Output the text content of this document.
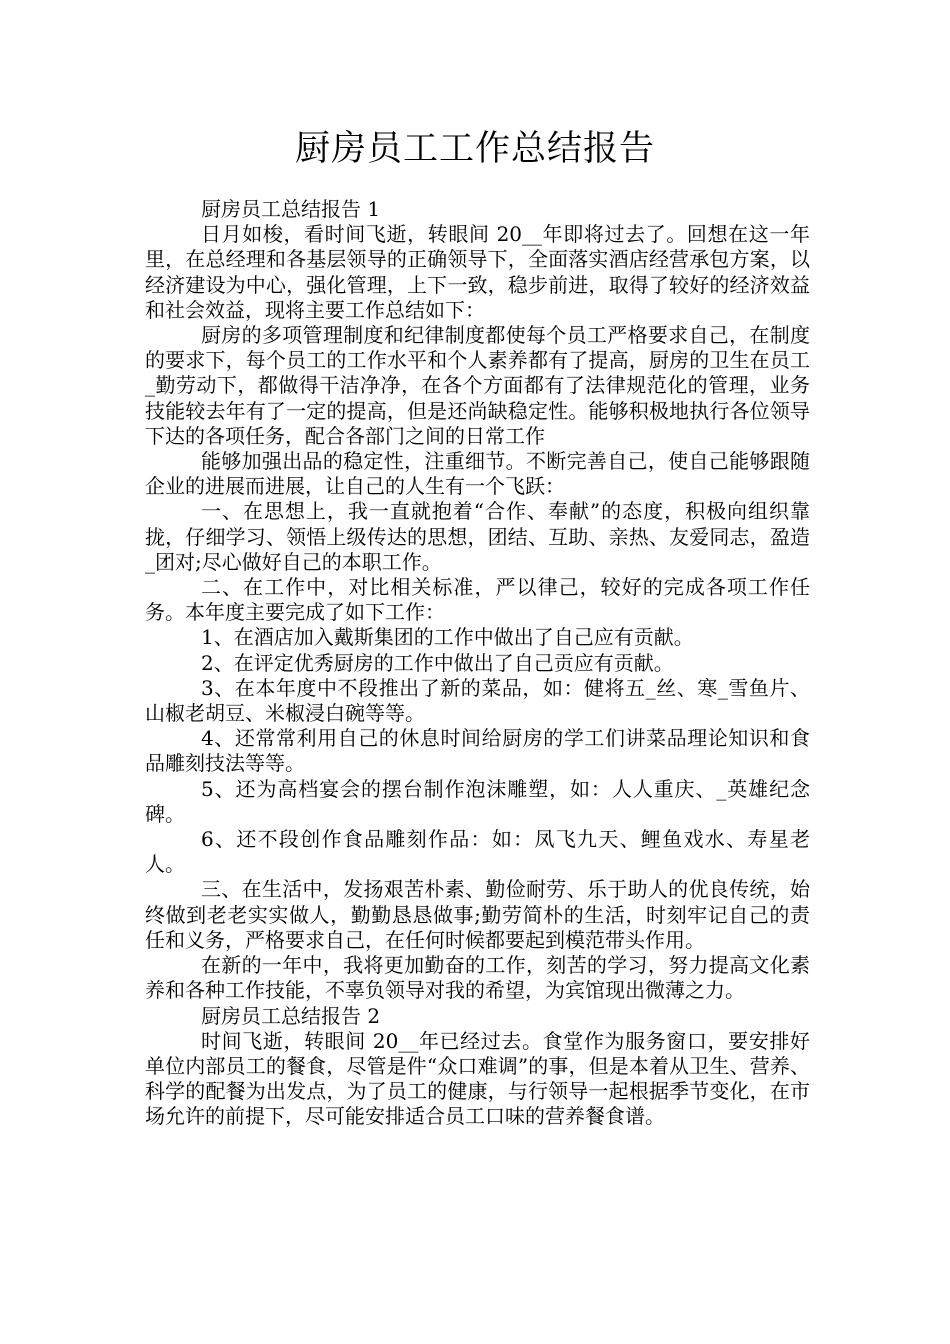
厨房员工工作总结报告
厨房员工总结报告 1

日月如梭，看时间飞逝，转眼间 20__年即将过去了。回想在这一年里，在总经理和各基层领导的正确领导下，全面落实酒店经营承包方案，以经济建设为中心，强化管理，上下一致，稳步前进，取得了较好的经济效益和社会效益，现将主要工作总结如下：

厨房的多项管理制度和纪律制度都使每个员工严格要求自己，在制度的要求下，每个员工的工作水平和个人素养都有了提高，厨房的卫生在员工_勤劳动下，都做得干洁净净，在各个方面都有了法律规范化的管理，业务技能较去年有了一定的提高，但是还尚缺稳定性。能够积极地执行各位领导下达的各项任务，配合各部门之间的日常工作

能够加强出品的稳定性，注重细节。不断完善自己，使自己能够跟随企业的进展而进展，让自己的人生有一个飞跃：

一、在思想上，我一直就抱着“合作、奉献”的态度，积极向组织靠拢，仔细学习、领悟上级传达的思想，团结、互助、亲热、友爱同志，盈造_团对;尽心做好自己的本职工作。

二、在工作中，对比相关标准，严以律己，较好的完成各项工作任务。本年度主要完成了如下工作：

1、在酒店加入戴斯集团的工作中做出了自己应有贡献。

2、在评定优秀厨房的工作中做出了自己贡应有贡献。

3、在本年度中不段推出了新的菜品，如：健将五_丝、寒_雪鱼片、山椒老胡豆、米椒浸白碗等等。

4、还常常利用自己的休息时间给厨房的学工们讲菜品理论知识和食品雕刻技法等等。

5、还为高档宴会的摆台制作泡沫雕塑，如：人人重庆、_英雄纪念碑。

6、还不段创作食品雕刻作品：如：凤飞九天、鲤鱼戏水、寿星老人。

三、在生活中，发扬艰苦朴素、勤俭耐劳、乐于助人的优良传统，始终做到老老实实做人，勤勤恳恳做事;勤劳简朴的生活，时刻牢记自己的责任和义务，严格要求自己，在任何时候都要起到模范带头作用。

在新的一年中，我将更加勤奋的工作，刻苦的学习，努力提高文化素养和各种工作技能，不辜负领导对我的希望，为宾馆现出微薄之力。

厨房员工总结报告 2

时间飞逝，转眼间 20__年已经过去。食堂作为服务窗口，要安排好单位内部员工的餐食，尽管是件“众口难调”的事，但是本着从卫生、营养、科学的配餐为出发点，为了员工的健康，与行领导一起根据季节变化，在市场允许的前提下，尽可能安排适合员工口味的营养餐食谱。
